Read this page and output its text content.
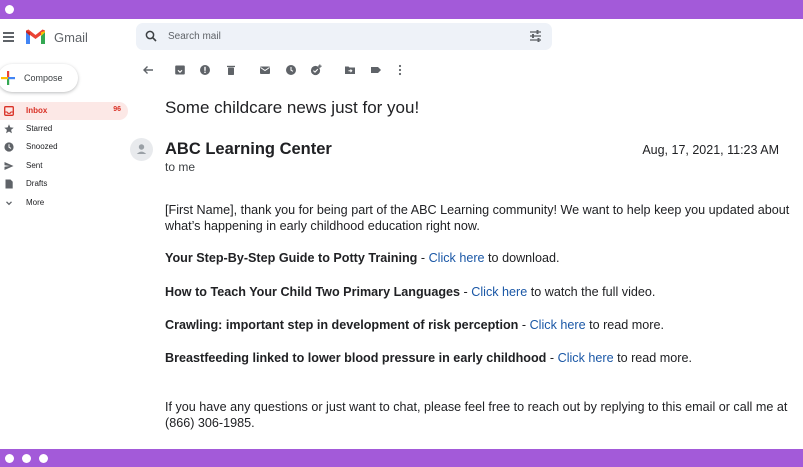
Gmail
Search mail
Compose
Inbox	96
Starred
Snoozed
Sent
Drafts
More
Some childcare news just for you!
ABC Learning Center
to me
Aug, 17, 2021, 11:23 AM
[First Name], thank you for being part of the ABC Learning community! We want to help keep you updated about what’s happening in early childhood education right now.
Your Step-By-Step Guide to Potty Training - Click here to download.
How to Teach Your Child Two Primary Languages - Click here to watch the full video.
Crawling: important step in development of risk perception - Click here to read more.
Breastfeeding linked to lower blood pressure in early childhood - Click here to read more.
If you have any questions or just want to chat, please feel free to reach out by replying to this email or call me at (866) 306-1985.
